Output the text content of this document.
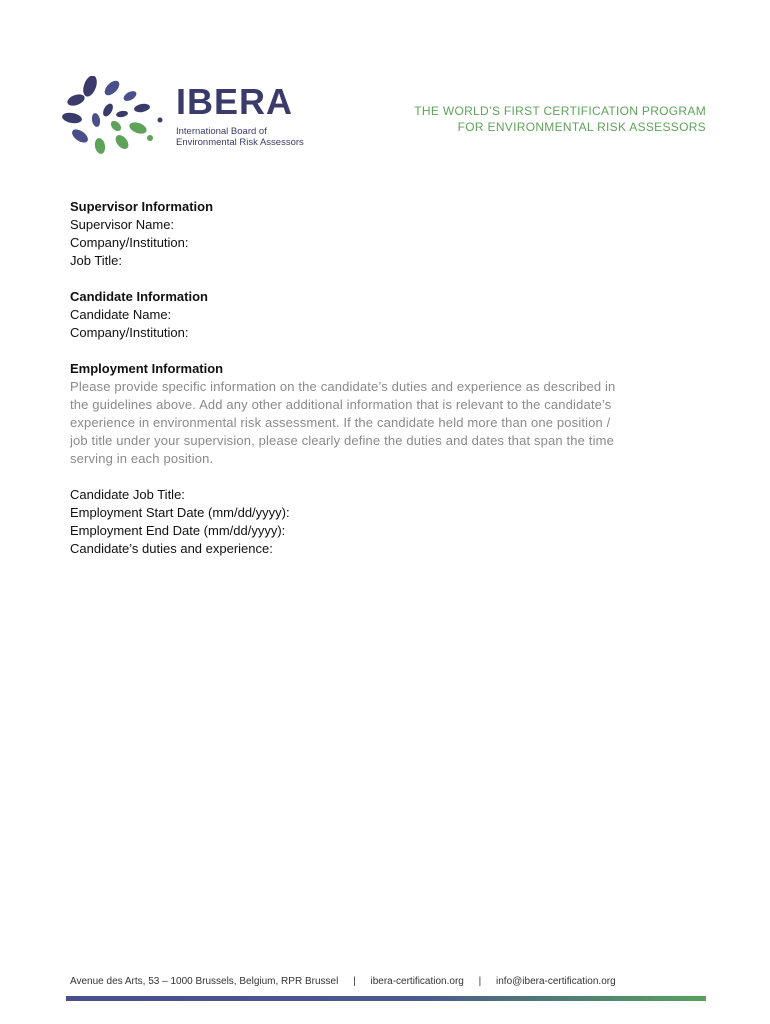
IBERA
International Board of
Environmental Risk Assessors
THE WORLD’S FIRST CERTIFICATION PROGRAM
FOR ENVIRONMENTAL RISK ASSESSORS
Supervisor Information
Supervisor Name:
Company/Institution:
Job Title:
Candidate Information
Candidate Name:
Company/Institution:
Employment Information
Please provide specific information on the candidate’s duties and experience as described in
the guidelines above. Add any other additional information that is relevant to the candidate’s
experience in environmental risk assessment. If the candidate held more than one position /
job title under your supervision, please clearly define the duties and dates that span the time
serving in each position.
Candidate Job Title:
Employment Start Date (mm/dd/yyyy):
Employment End Date (mm/dd/yyyy):
Candidate’s duties and experience:
Avenue des Arts, 53 – 1000 Brussels, Belgium, RPR Brussel | ibera-certification.org | info@ibera-certification.org
